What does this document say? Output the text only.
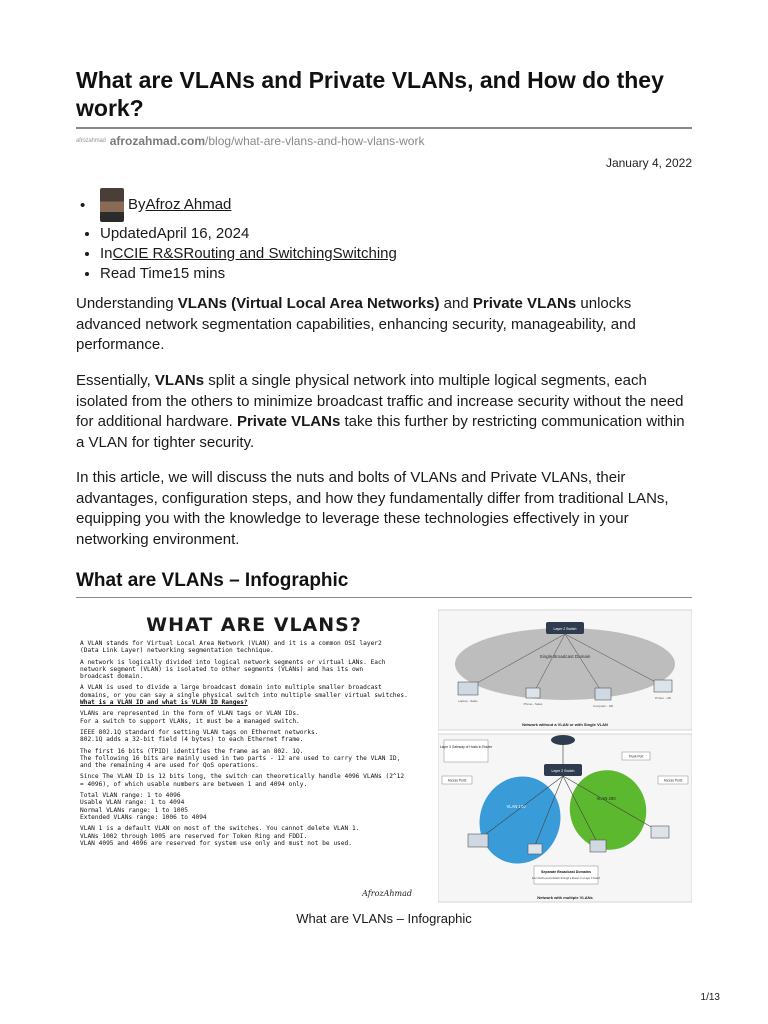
What are VLANs and Private VLANs, and How do they work?
afrozahmad afrozahmad.com/blog/what-are-vlans-and-how-vlans-work
January 4, 2022
• By Afroz Ahmad
• UpdatedApril 16, 2024
• InCCIE R&SRouting and SwitchingSwitching
• Read Time15 mins

Understanding VLANs (Virtual Local Area Networks) and Private VLANs unlocks advanced network segmentation capabilities, enhancing security, manageability, and performance.

Essentially, VLANs split a single physical network into multiple logical segments, each isolated from the others to minimize broadcast traffic and increase security without the need for additional hardware. Private VLANs take this further by restricting communication within a VLAN for tighter security.

In this article, we will discuss the nuts and bolts of VLANs and Private VLANs, their advantages, configuration steps, and how they fundamentally differ from traditional LANs, equipping you with the knowledge to leverage these technologies effectively in your networking environment.

What are VLANs – Infographic
WHAT ARE VLANS?
A VLAN stands for Virtual Local Area Network (VLAN) and it is a common OSI layer2
(Data Link Layer) networking segmentation technique.
A network is logically divided into logical network segments or virtual LANs. Each
network segment (VLAN) is isolated to other segments (VLANs) and has its own
broadcast domain.
A VLAN is used to divide a large broadcast domain into multiple smaller broadcast
domains, or you can say a single physical switch into multiple smaller virtual switches.
What is a VLAN ID and what is VLAN ID Ranges?
VLANs are represented in the form of VLAN tags or VLAN IDs.
For a switch to support VLANs, it must be a managed switch.
IEEE 802.1Q standard for setting VLAN tags on Ethernet networks.
802.1Q adds a 32-bit field (4 bytes) to each Ethernet frame.
The first 16 bits (TPID) identifies the frame as an 802. 1Q.
The following 16 bits are mainly used in two parts - 12 are used to carry the VLAN ID,
and the remaining 4 are used for QoS operations.
Since The VLAN ID is 12 bits long, the switch can theoretically handle 4096 VLANs (2^12
= 4096), of which usable numbers are between 1 and 4094 only.
Total VLAN range: 1 to 4096
Usable VLAN range: 1 to 4094
Normal VLANs range: 1 to 1005
Extended VLANs range: 1006 to 4094
VLAN 1 is a default VLAN on most of the switches. You cannot delete VLAN 1.
VLANs 1002 through 1005 are reserved for Token Ring and FDDI.
VLAN 4095 and 4096 are reserved for system use only and must not be used.
AfrozAhmad
Layer 2 Switch
Single Broadcast Domain
Laptop - Sales
Phone - Sales	Computer - HR
Printer - HR
Network without a VLAN or with Single VLAN
Layer 3 Gateway of Hosts in Router
Layer 2 Switch
Trunk Port
VLAN 100
VLAN 200
Access Ports	Access Ports
Separate Broadcast Domains
Inter VLAN communication through a Router or a Layer 3 Switch
Network with multiple VLANs
What are VLANs – Infographic
1/13
